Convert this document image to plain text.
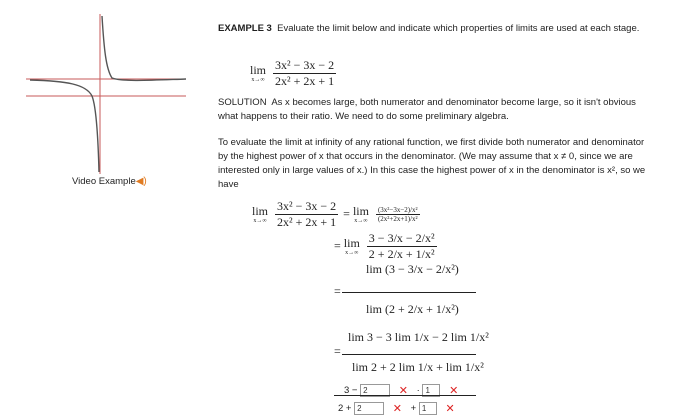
Video Example◀)
EXAMPLE 3 Evaluate the limit below and indicate which properties of limits are used at each stage.
lim
x→∞
$\frac{\text{3x² − 3x − 2}}{\text{2x² + 2x + 1}}$
SOLUTION As x becomes large, both numerator and denominator become large, so it isn't obvious what happens to their ratio. We need to do some preliminary algebra.
To evaluate the limit at infinity of any rational function, we first divide both numerator and denominator by the highest power of x that occurs in the denominator. (We may assume that x ≠ 0, since we are interested only in large values of x.) In this case the highest power of x in the denominator is x², so we have
lim
x→∞
$\frac{\text{3x² − 3x − 2}}{\text{2x² + 2x + 1}} = \lim$
x→∞
$\frac{\text{(3x²−3x−2)/x²}}{\text{(2x²+2x+1)/x²}}$
= lim
x→∞
$\frac{\text{3 − 3/x − 2/x²}}{\text{2 + 2/x + 1/x²}}$
=
lim (3 − 3/x − 2/x²)
lim (2 + 2/x + 1/x²)
=
lim 3 − 3 lim 1/x − 2 lim 1/x²
lim 2 + 2 lim 1/x + lim 1/x²
3 − 2	✕ · 1 ✕
2 + 2	✕ + 1 ✕
